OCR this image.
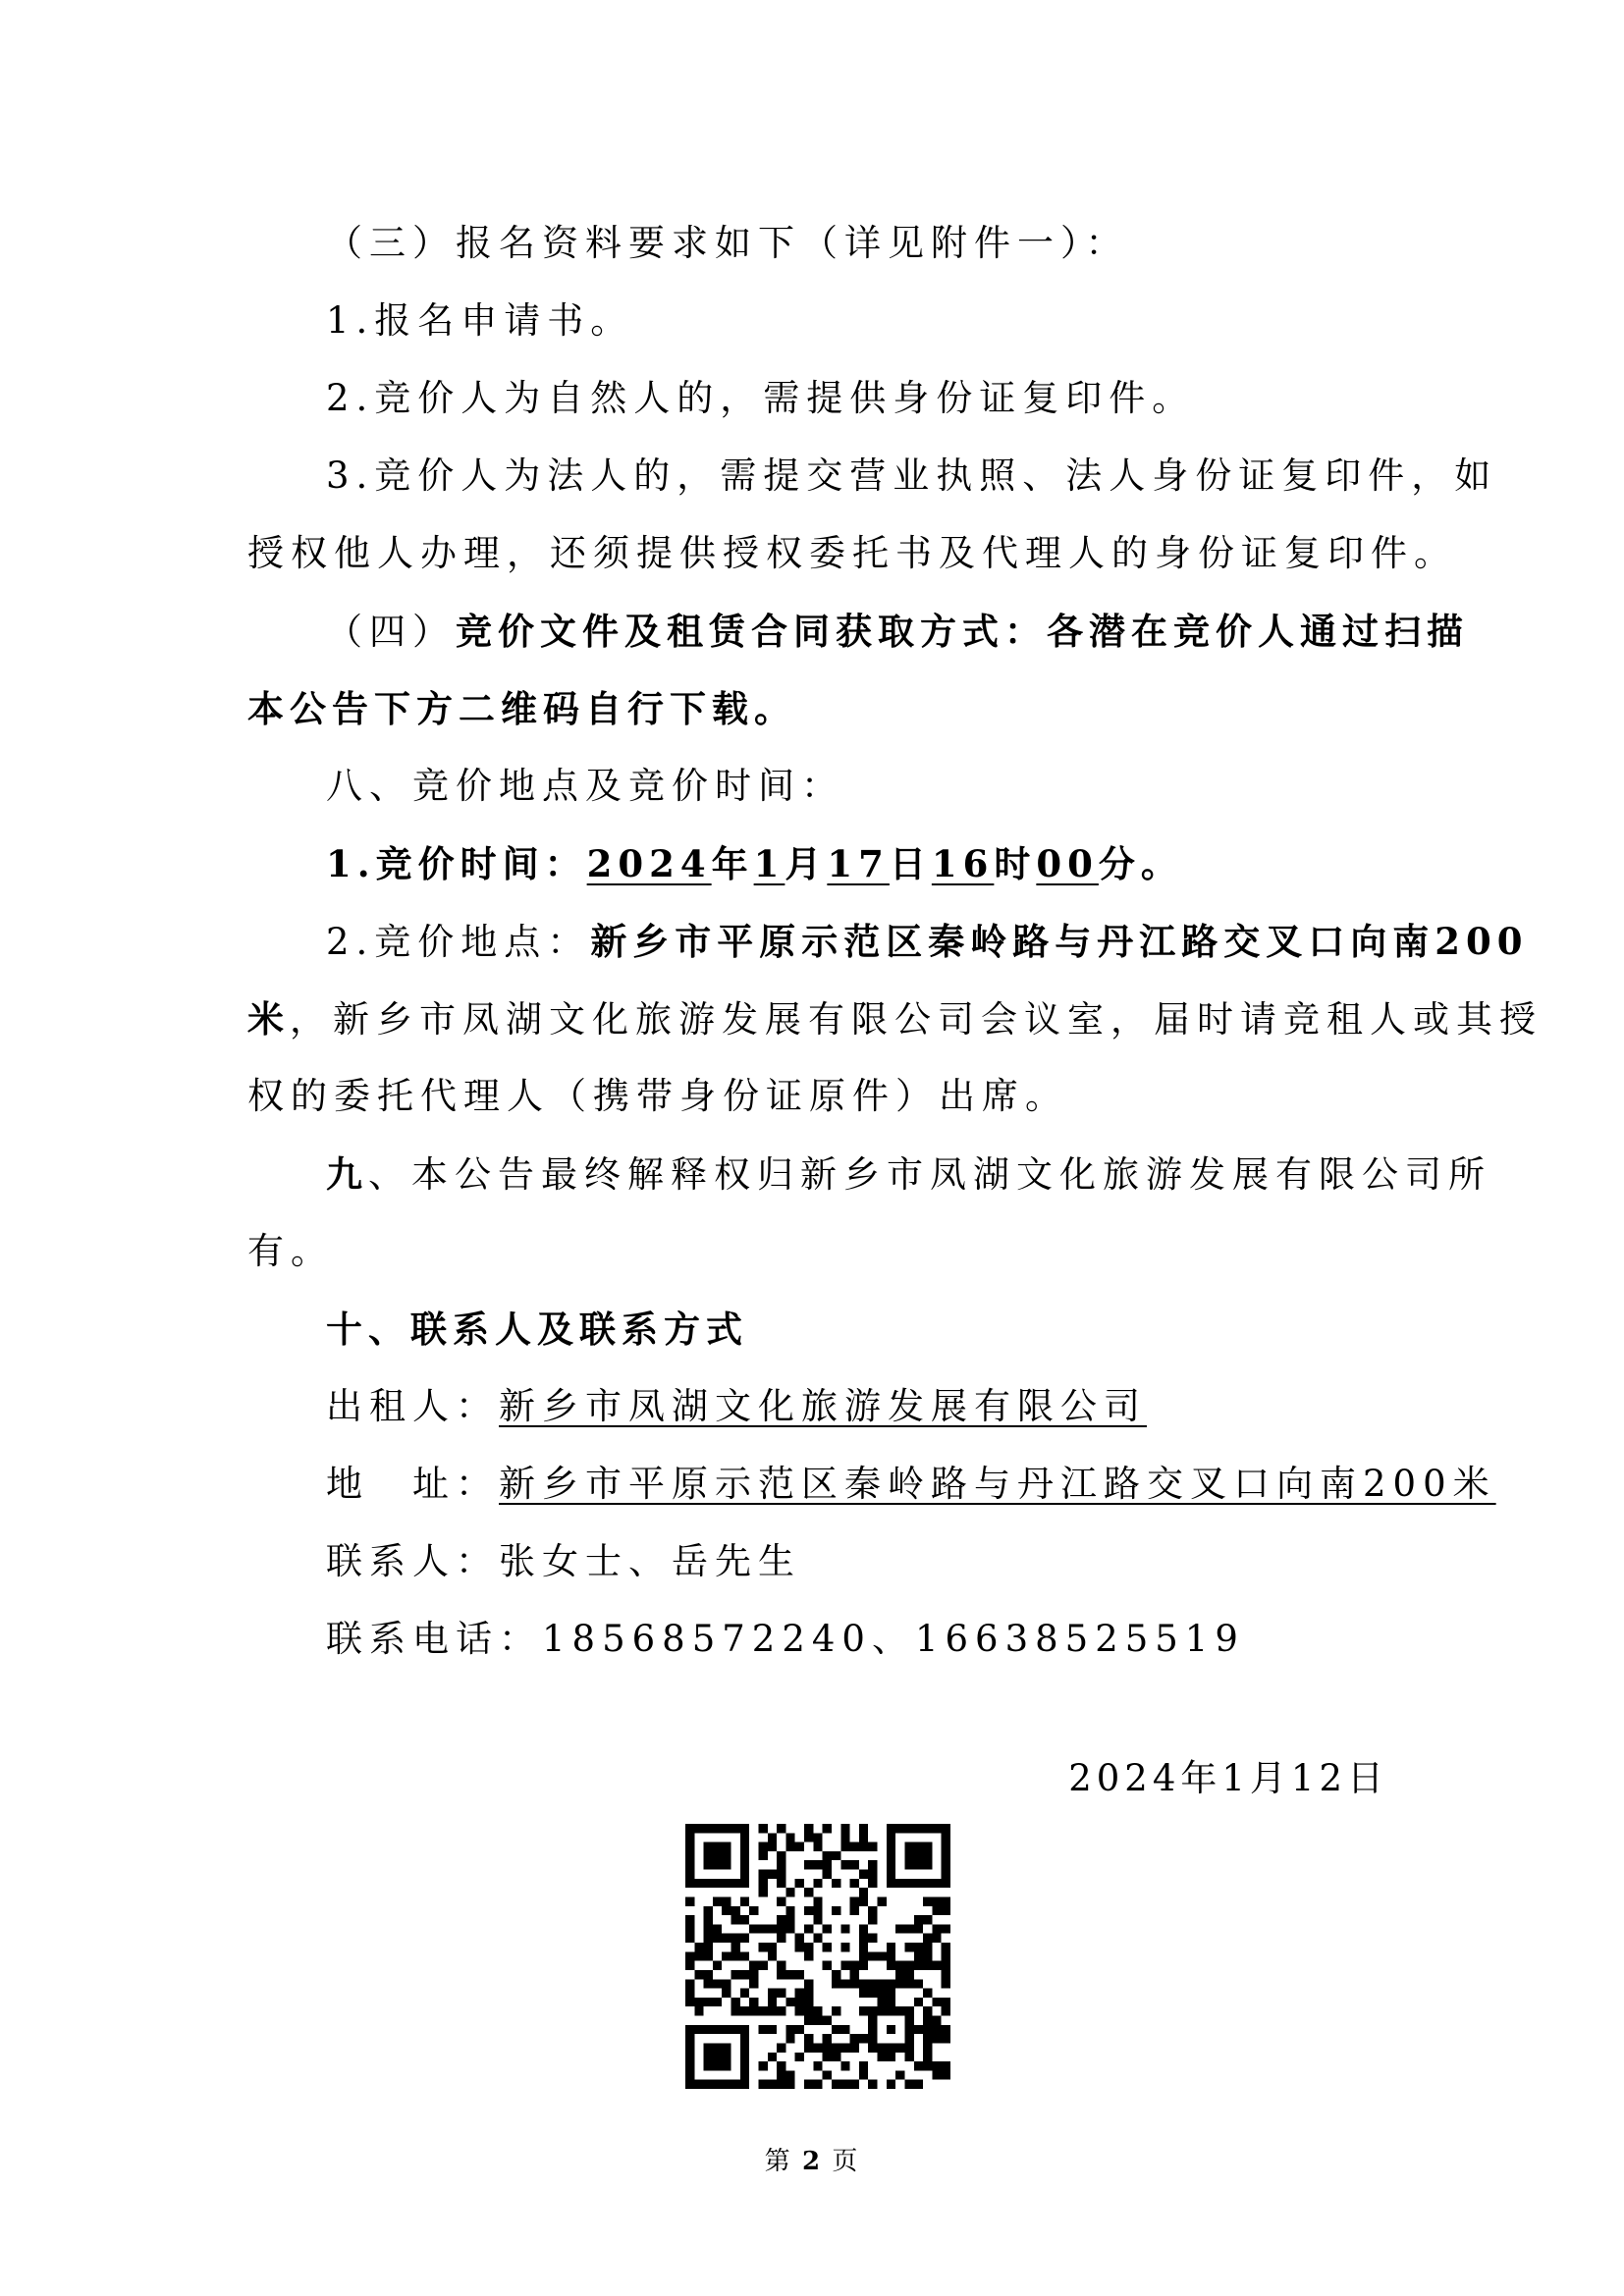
（三）报名资料要求如下（详见附件一）：
1.报名申请书。
2.竞价人为自然人的，需提供身份证复印件。
3.竞价人为法人的，需提交营业执照、法人身份证复印件，如
授权他人办理，还须提供授权委托书及代理人的身份证复印件。
（四）竞价文件及租赁合同获取方式：各潜在竞价人通过扫描
本公告下方二维码自行下载。
八、竞价地点及竞价时间：
1.竞价时间：2024年1月17日16时00分。
2.竞价地点：新乡市平原示范区秦岭路与丹江路交叉口向南200
米，新乡市凤湖文化旅游发展有限公司会议室，届时请竞租人或其授
权的委托代理人（携带身份证原件）出席。
九、本公告最终解释权归新乡市凤湖文化旅游发展有限公司所
有。
十、联系人及联系方式
出租人：新乡市凤湖文化旅游发展有限公司
地　址：新乡市平原示范区秦岭路与丹江路交叉口向南200米
联系人：张女士、岳先生
联系电话：18568572240、16638525519
2024年1月12日
第 2 页
